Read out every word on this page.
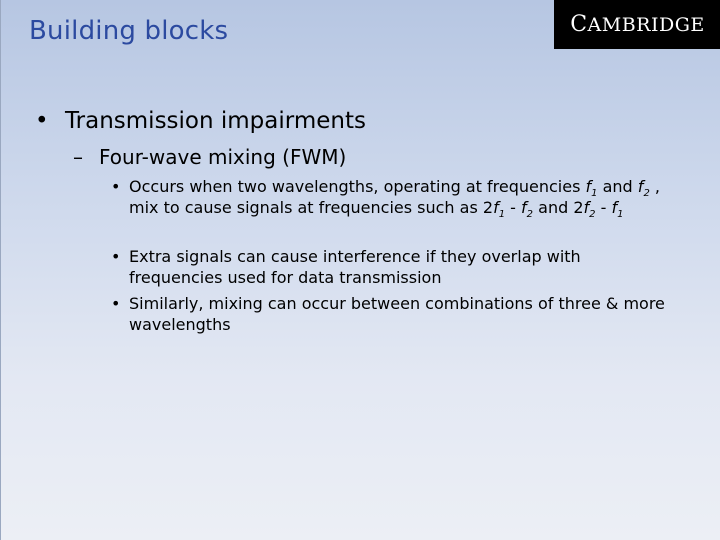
Building blocks	C AMBRIDGE
• Transmission impairments
– Four-wave mixing (FWM)
• Occurs when two wavelengths, operating at frequencies $f_1$ and $f_2$ , mix to cause signals at frequencies such as $2f_1 - f_2$ and $2f_2 - f_1$
• Extra signals can cause interference if they overlap with frequencies used for data transmission
• Similarly, mixing can occur between combinations of three & more wavelengths
